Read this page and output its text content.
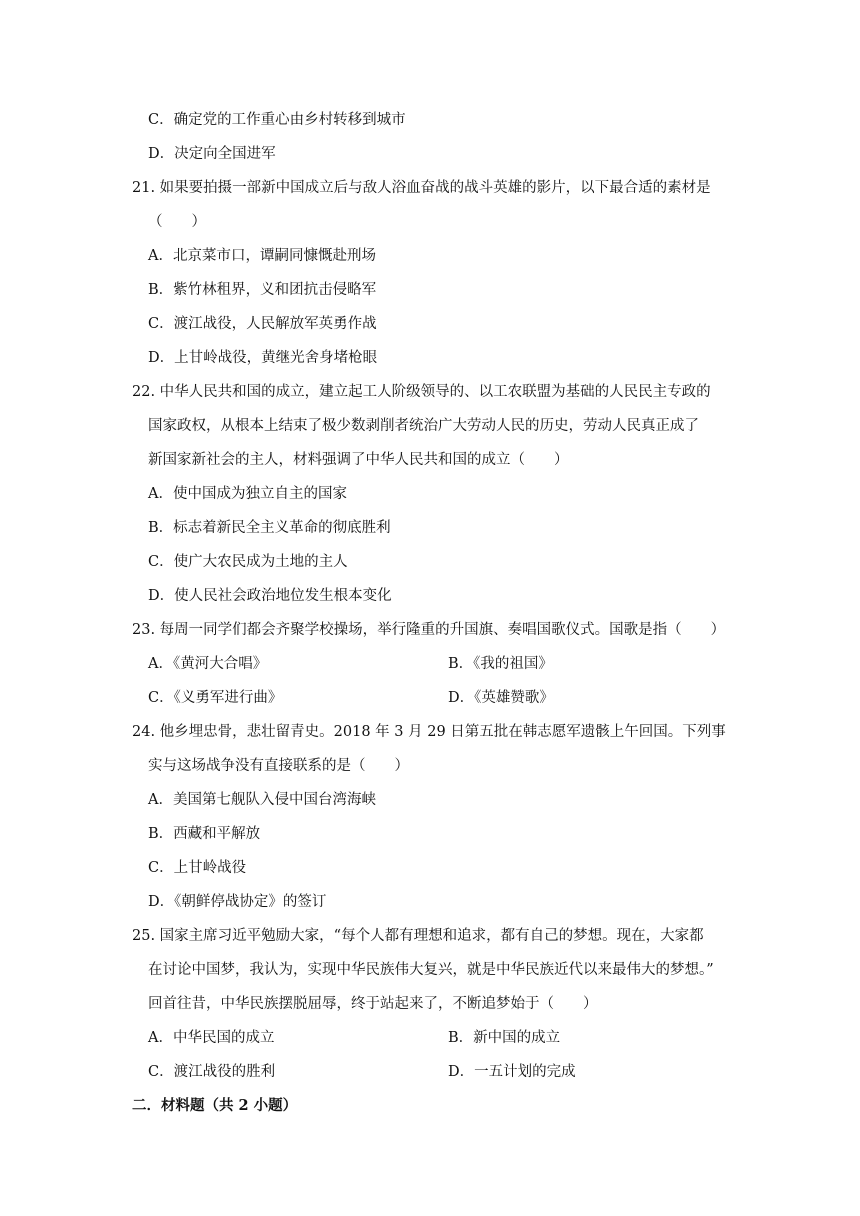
C．确定党的工作重心由乡村转移到城市
D．决定向全国进军
21. 如果要拍摄一部新中国成立后与敌人浴血奋战的战斗英雄的影片，以下最合适的素材是
（　　）
A．北京菜市口，谭嗣同慷慨赴刑场
B．紫竹林租界，义和团抗击侵略军
C．渡江战役，人民解放军英勇作战
D．上甘岭战役，黄继光舍身堵枪眼
22. 中华人民共和国的成立，建立起工人阶级领导的、以工农联盟为基础的人民民主专政的
国家政权，从根本上结束了极少数剥削者统治广大劳动人民的历史，劳动人民真正成了
新国家新社会的主人，材料强调了中华人民共和国的成立（　　）
A．使中国成为独立自主的国家
B．标志着新民全主义革命的彻底胜利
C．使广大农民成为土地的主人
D．使人民社会政治地位发生根本变化
23. 每周一同学们都会齐聚学校操场，举行隆重的升国旗、奏唱国歌仪式。国歌是指（　　）
A．《黄河大合唱》	B．《我的祖国》
C．《义勇军进行曲》	D．《英雄赞歌》
24. 他乡埋忠骨，悲壮留青史。2018 年 3 月 29 日第五批在韩志愿军遗骸上午回国。下列事
实与这场战争没有直接联系的是（　　）
A．美国第七舰队入侵中国台湾海峡
B．西藏和平解放
C．上甘岭战役
D．《朝鲜停战协定》的签订
25. 国家主席习近平勉励大家，“每个人都有理想和追求，都有自己的梦想。现在，大家都
在讨论中国梦，我认为，实现中华民族伟大复兴，就是中华民族近代以来最伟大的梦想。”
回首往昔，中华民族摆脱屈辱，终于站起来了，不断追梦始于（　　）
A．中华民国的成立	B．新中国的成立
C．渡江战役的胜利	D．一五计划的完成
二．材料题（共 2 小题）
